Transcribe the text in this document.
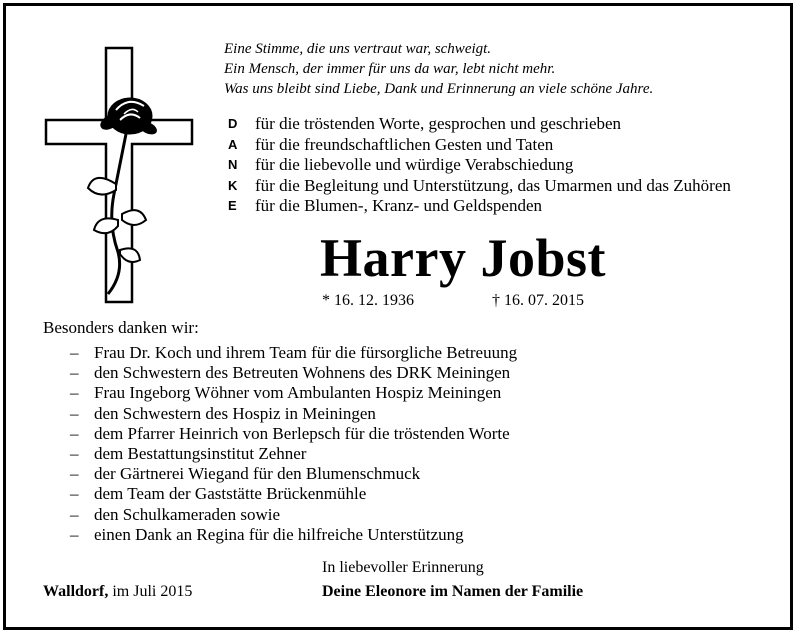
Eine Stimme, die uns vertraut war, schweigt.
Ein Mensch, der immer für uns da war, lebt nicht mehr.
Was uns bleibt sind Liebe, Dank und Erinnerung an viele schöne Jahre.
D	für die tröstenden Worte, gesprochen und geschrieben
A	für die freundschaftlichen Gesten und Taten
N	für die liebevolle und würdige Verabschiedung
K	für die Begleitung und Unterstützung, das Umarmen und das Zuhören
E	für die Blumen-, Kranz- und Geldspenden
Harry Jobst
* 16. 12. 1936	† 16. 07. 2015
Besonders danken wir:
– Frau Dr. Koch und ihrem Team für die fürsorgliche Betreuung
– den Schwestern des Betreuten Wohnens des DRK Meiningen
– Frau Ingeborg Wöhner vom Ambulanten Hospiz Meiningen
– den Schwestern des Hospiz in Meiningen
– dem Pfarrer Heinrich von Berlepsch für die tröstenden Worte
– dem Bestattungsinstitut Zehner
– der Gärtnerei Wiegand für den Blumenschmuck
– dem Team der Gaststätte Brückenmühle
– den Schulkameraden sowie
– einen Dank an Regina für die hilfreiche Unterstützung
In liebevoller Erinnerung
Deine Eleonore im Namen der Familie
Walldorf, im Juli 2015
